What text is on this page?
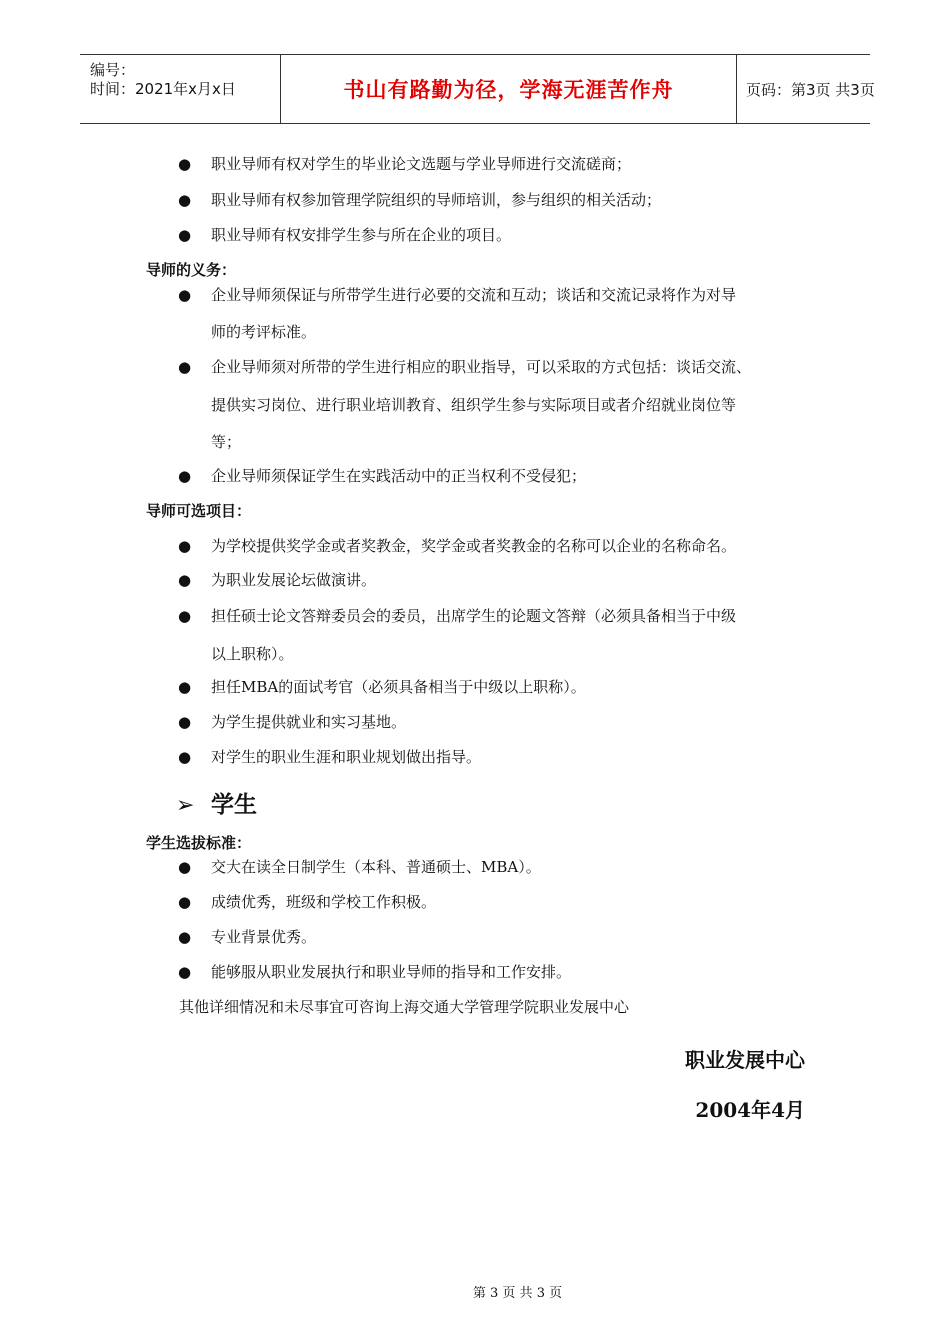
编号：
时间：2021年x月x日	书山有路勤为径，学海无涯苦作舟	页码：第3页 共3页
● 职业导师有权对学生的毕业论文选题与学业导师进行交流磋商；
● 职业导师有权参加管理学院组织的导师培训，参与组织的相关活动；
● 职业导师有权安排学生参与所在企业的项目。
导师的义务：
● 企业导师须保证与所带学生进行必要的交流和互动；谈话和交流记录将作为对导
师的考评标准。
● 企业导师须对所带的学生进行相应的职业指导，可以采取的方式包括：谈话交流、
提供实习岗位、进行职业培训教育、组织学生参与实际项目或者介绍就业岗位等
等；
● 企业导师须保证学生在实践活动中的正当权利不受侵犯；
导师可选项目：
● 为学校提供奖学金或者奖教金，奖学金或者奖教金的名称可以企业的名称命名。
● 为职业发展论坛做演讲。
● 担任硕士论文答辩委员会的委员，出席学生的论题文答辩（必须具备相当于中级
以上职称）。
● 担任MBA的面试考官（必须具备相当于中级以上职称）。
● 为学生提供就业和实习基地。
● 对学生的职业生涯和职业规划做出指导。
➢ 学生
学生选拔标准：
● 交大在读全日制学生（本科、普通硕士、MBA）。
● 成绩优秀，班级和学校工作积极。
● 专业背景优秀。
● 能够服从职业发展执行和职业导师的指导和工作安排。
其他详细情况和未尽事宜可咨询上海交通大学管理学院职业发展中心
职业发展中心
2004年4月
第 3 页 共 3 页
